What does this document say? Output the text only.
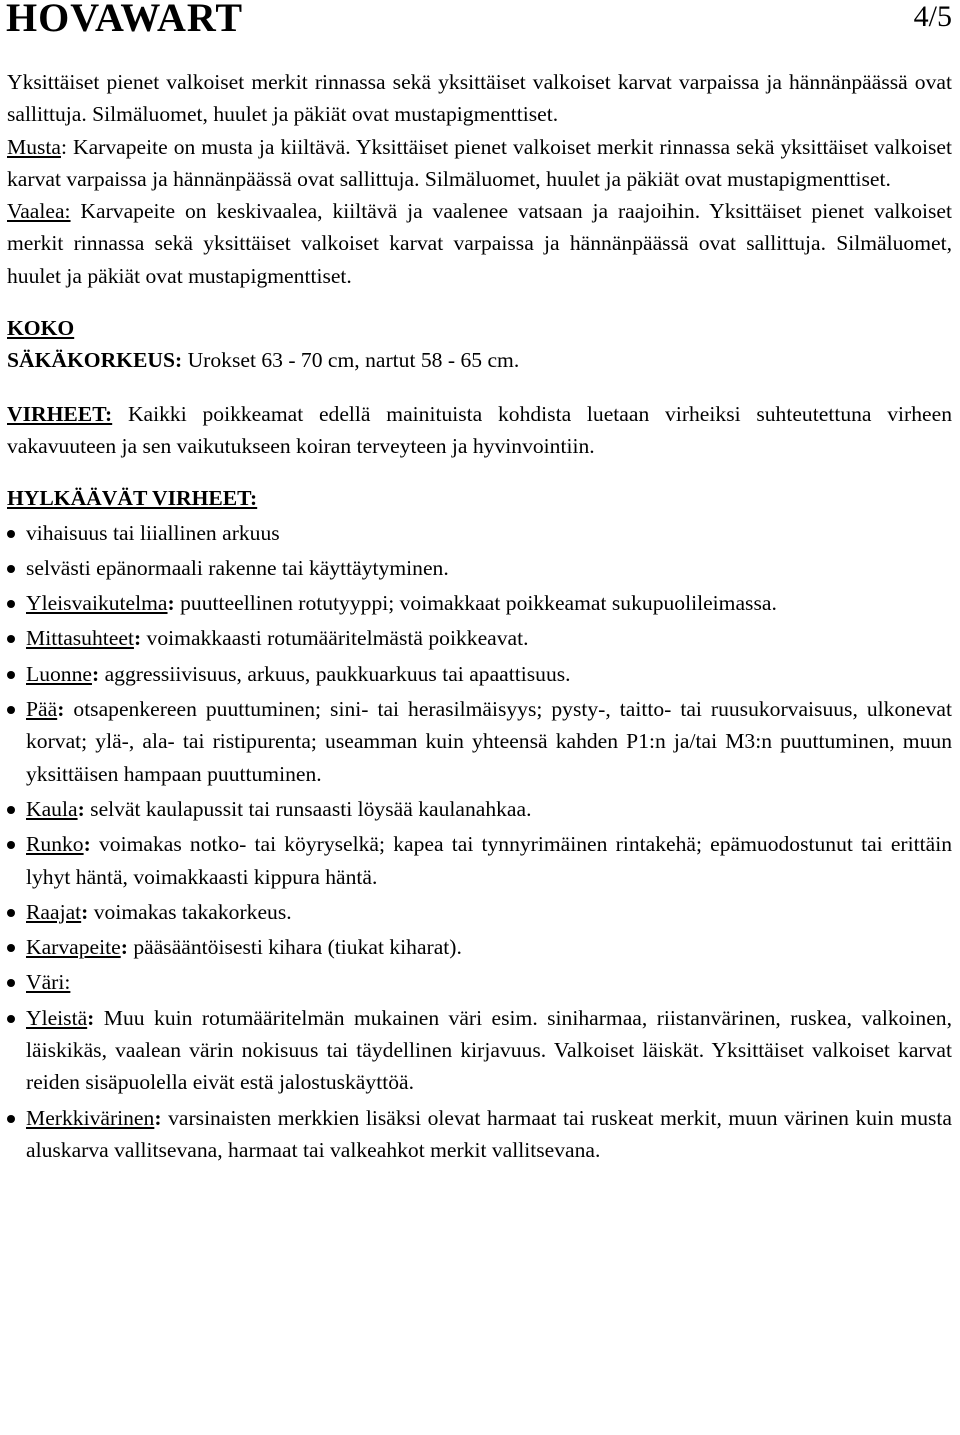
HOVAWART	4/5

Yksittäiset pienet valkoiset merkit rinnassa sekä yksittäiset valkoiset karvat varpaissa ja hännänpäässä ovat sallittuja. Silmäluomet, huulet ja päkiät ovat mustapigmenttiset.

Musta: Karvapeite on musta ja kiiltävä. Yksittäiset pienet valkoiset merkit rinnassa sekä yksittäiset valkoiset karvat varpaissa ja hännänpäässä ovat sallittuja. Silmäluomet, huulet ja päkiät ovat mustapigmenttiset.

Vaalea: Karvapeite on keskivaalea, kiiltävä ja vaalenee vatsaan ja raajoihin. Yksittäiset pienet valkoiset merkit rinnassa sekä yksittäiset valkoiset karvat varpaissa ja hännänpäässä ovat sallittuja. Silmäluomet, huulet ja päkiät ovat mustapigmenttiset.

KOKO

SÄKÄKORKEUS: Urokset 63 - 70 cm, nartut 58 - 65 cm.

VIRHEET: Kaikki poikkeamat edellä mainituista kohdista luetaan virheiksi suhteutettuna virheen vakavuuteen ja sen vaikutukseen koiran terveyteen ja hyvinvointiin.

HYLKÄÄVÄT VIRHEET:

vihaisuus tai liiallinen arkuus
selvästi epänormaali rakenne tai käyttäytyminen.
Yleisvaikutelma: puutteellinen rotutyyppi; voimakkaat poikkeamat sukupuolileimassa.
Mittasuhteet: voimakkaasti rotumääritelmästä poikkeavat.
Luonne: aggressiivisuus, arkuus, paukkuarkuus tai apaattisuus.
Pää: otsapenkereen puuttuminen; sini- tai herasilmäisyys; pysty-, taitto- tai ruusukorvaisuus, ulkonevat korvat; ylä-, ala- tai ristipurenta; useamman kuin yhteensä kahden P1:n ja/tai M3:n puuttuminen, muun yksittäisen hampaan puuttuminen.
Kaula: selvät kaulapussit tai runsaasti löysää kaulanahkaa.
Runko: voimakas notko- tai köyryselkä; kapea tai tynnyrimäinen rintakehä; epämuodostunut tai erittäin lyhyt häntä, voimakkaasti kippura häntä.
Raajat: voimakas takakorkeus.
Karvapeite: pääsääntöisesti kihara (tiukat kiharat).
Väri:
Yleistä: Muu kuin rotumääritelmän mukainen väri esim. siniharmaa, riistanvärinen, ruskea, valkoinen, läiskikäs, vaalean värin nokisuus tai täydellinen kirjavuus. Valkoiset läiskät. Yksittäiset valkoiset karvat reiden sisäpuolella eivät estä jalostuskäyttöä.
Merkkivärinen: varsinaisten merkkien lisäksi olevat harmaat tai ruskeat merkit, muun värinen kuin musta aluskarva vallitsevana, harmaat tai valkeahkot merkit vallitsevana.
